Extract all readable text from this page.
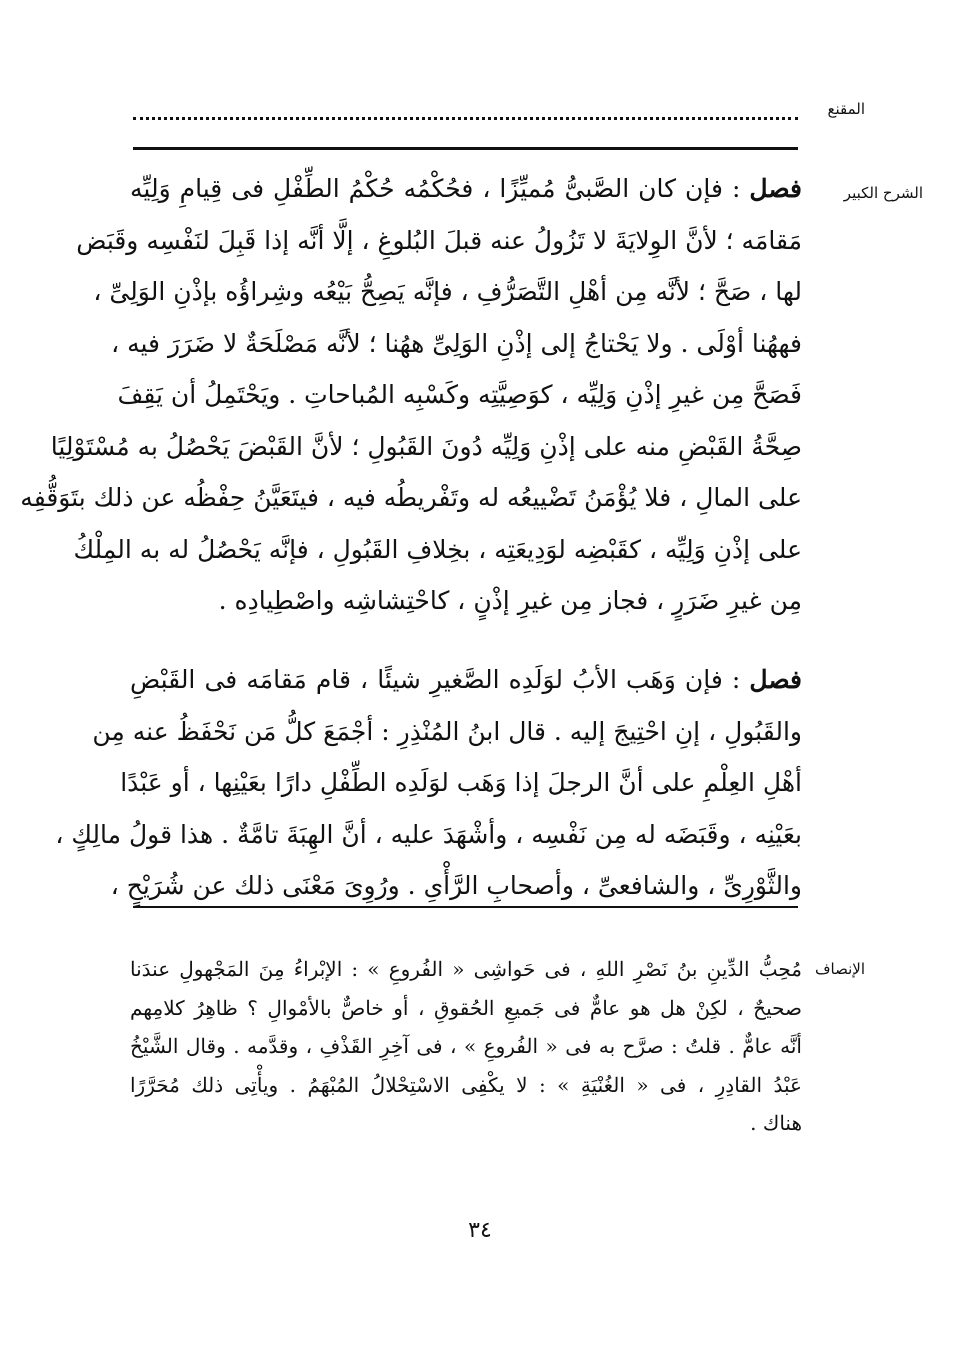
المقنع
الشرح الكبير
فصل : فإن كان الصَّبىُّ مُميِّزًا ، فحُكْمُه حُكْمُ الطِّفْلِ فى قِيامِ وَلِيِّه
مَقامَه ؛ لأنَّ الوِلايَةَ لا تَزُولُ عنه قبلَ البُلوغِ ، إلَّا أنَّه إذا قَبِلَ لنَفْسِه وقَبَض
لها ، صَحَّ ؛ لأنَّه مِن أهْلِ التَّصَرُّفِ ، فإنَّه يَصِحُّ بَيْعُه وشِراؤُه بإذْنِ الوَلِىِّ ،
فههُنا أوْلَى . ولا يَحْتاجُ إلى إذْنِ الوَلِىِّ ههُنا ؛ لأنَّه مَصْلَحَةٌ لا ضَرَرَ فيه ،
فَصَحَّ مِن غيرِ إذْنِ وَلِيِّه ، كوَصِيَّتِه وكَسْبِه المُباحاتِ . ويَحْتَمِلُ أن يَقِفَ
صِحَّةُ القَبْضِ منه على إذْنِ وَلِيِّه دُونَ القَبُولِ ؛ لأنَّ القَبْضَ يَحْصُلُ به مُسْتَوْلِيًا
على المالِ ، فلا يُؤْمَنُ تَضْييعُه له وتَفْريطُه فيه ، فيتَعَيَّنُ حِفْظُه عن ذلك بتَوَقُّفِه
على إذْنِ وَلِيِّه ، كقَبْضِه لوَدِيعَتِه ، بخِلافِ القَبُولِ ، فإنَّه يَحْصُلُ له به المِلْكُ
مِن غيرِ ضَرَرٍ ، فجاز مِن غيرِ إذْنٍ ، كاحْتِشاشِه واصْطِيادِه .
فصل : فإن وَهَب الأبُ لوَلَدِه الصَّغيرِ شيئًا ، قام مَقامَه فى القَبْضِ
والقَبُولِ ، إنِ احْتِيجَ إليه . قال ابنُ المُنْذِرِ : أجْمَعَ كلُّ مَن نَحْفَظُ عنه مِن
أهْلِ العِلْمِ على أنَّ الرجلَ إذا وَهَب لوَلَدِه الطِّفْلِ دارًا بعَيْنِها ، أو عَبْدًا
بعَيْنِه ، وقَبَضَه له مِن نَفْسِه ، وأشْهَدَ عليه ، أنَّ الهِبَةَ تامَّةٌ . هذا قولُ مالِكٍ ،
والثَّوْرِىِّ ، والشافعىِّ ، وأصحابِ الرَّأْىِ . ورُوِىَ مَعْنَى ذلك عن شُرَيْحٍ ،
الإنصاف
مُحِبُّ الدِّينِ بنُ نَصْرِ اللهِ ، فى حَواشِى « الفُروعِ » : الإبْراءُ مِنَ المَجْهولِ عندَنا
صحيحٌ ، لكِنْ هل هو عامٌّ فى جَميعِ الحُقوقِ ، أو خاصٌّ بالأمْوالِ ؟ ظاهِرُ كلامِهم
أنَّه عامٌّ . قلتُ : صرَّح به فى « الفُروعِ » ، فى آخِرِ القَذْفِ ، وقدَّمه . وقال الشَّيْخُ
عَبْدُ القادِرِ ، فى « الغُنْيَةِ » : لا يكْفِى الاسْتِحْلالُ المُبْهَمُ . ويأْتِى ذلك مُحَرَّرًا
هناك .
٣٤
